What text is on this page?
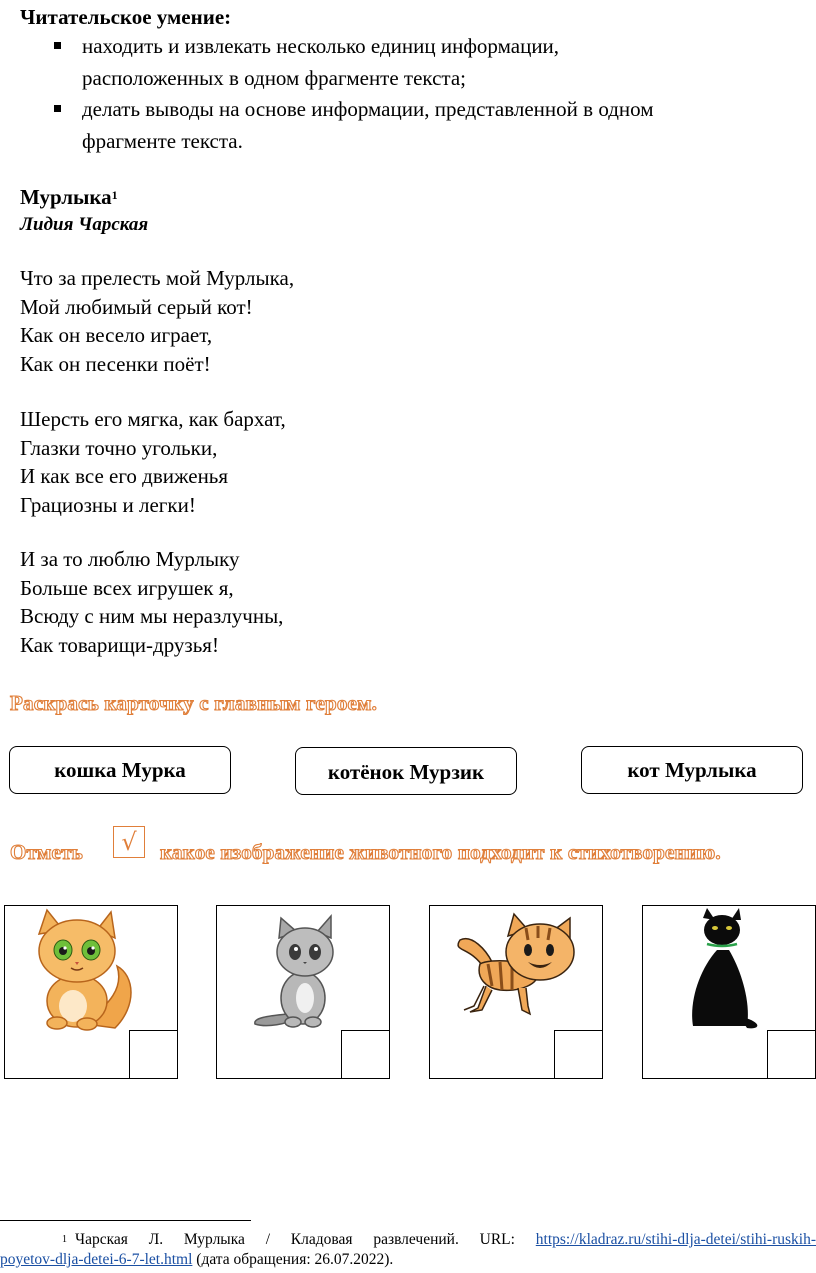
Читательское умение:
находить и извлекать несколько единиц информации,
расположенных в одном фрагменте текста;
делать выводы на основе информации, представленной в одном
фрагменте текста.
Мурлыка$^1$
Лидия Чарская
Что за прелесть мой Мурлыка,
Мой любимый серый кот!
Как он весело играет,
Как он песенки поёт!
Шерсть его мягка, как бархат,
Глазки точно угольки,
И как все его движенья
Грациозны и легки!
И за то люблю Мурлыку
Больше всех игрушек я,
Всюду с ним мы неразлучны,
Как товарищи-друзья!
Раскрась карточку с главным героем.
кошка Мурка	котёнок Мурзик	кот Мурлыка
Отметь	√	какое изображение животного подходит к стихотворению.
$^1$ Чарская Л. Мурлыка / Кладовая развлечений. URL: https://kladraz.ru/stihi-dlja-detei/stihi-ruskih-
poyetov-dlja-detei-6-7-let.html (дата обращения: 26.07.2022).
